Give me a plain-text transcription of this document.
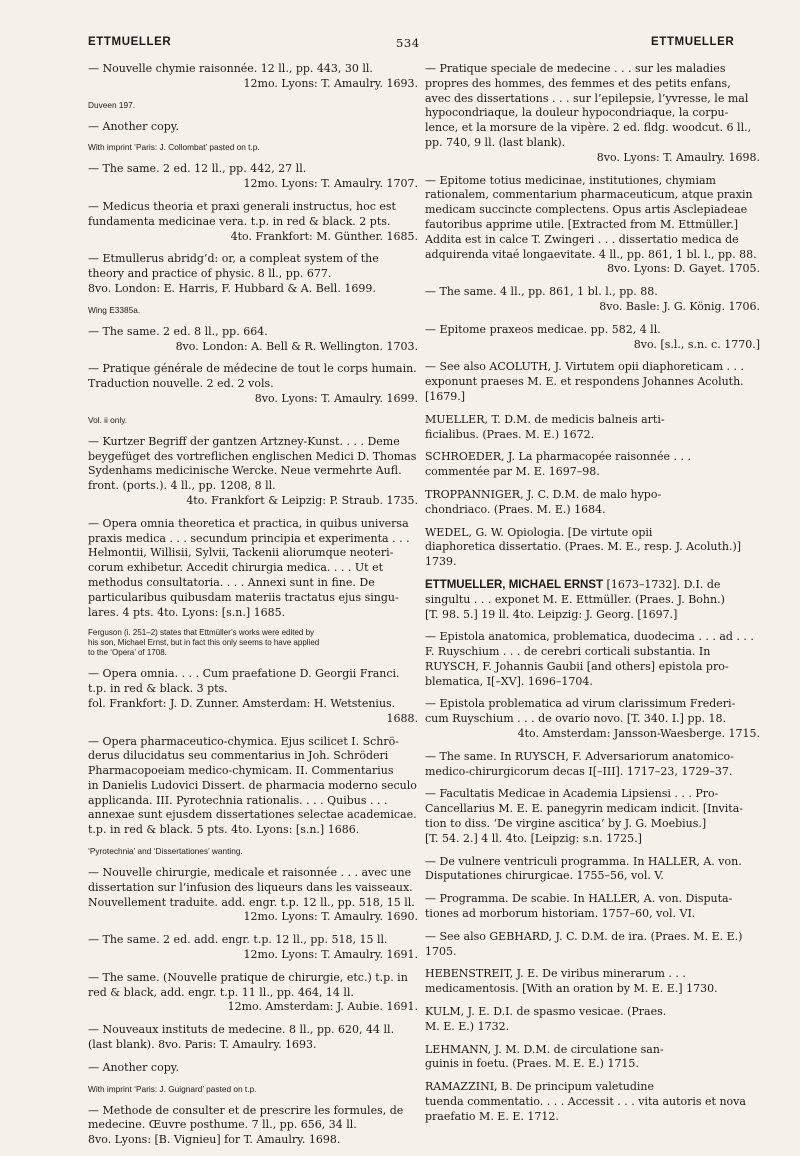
ETTMUELLER	534	ETTMUELLER
— Nouvelle chymie raisonnée. 12 ll., pp. 443, 30 ll.
12mo. Lyons: T. Amaulry. 1693.
Duveen 197.
— Another copy.
With imprint ‘Paris: J. Collombat’ pasted on t.p.
— The same. 2 ed. 12 ll., pp. 442, 27 ll.
12mo. Lyons: T. Amaulry. 1707.
— Medicus theoria et praxi generali instructus, hoc est
fundamenta medicinae vera. t.p. in red & black. 2 pts.
4to. Frankfort: M. Günther. 1685.
— Etmullerus abridg’d: or, a compleat system of the
theory and practice of physic. 8 ll., pp. 677.
8vo. London: E. Harris, F. Hubbard & A. Bell. 1699.
Wing E3385a.
— The same. 2 ed. 8 ll., pp. 664.
8vo. London: A. Bell & R. Wellington. 1703.
— Pratique générale de médecine de tout le corps humain.
Traduction nouvelle. 2 ed. 2 vols.
8vo. Lyons: T. Amaulry. 1699.
Vol. ii only.
— Kurtzer Begriff der gantzen Artzney-Kunst. . . . Deme
beygefüget des vortreflichen englischen Medici D. Thomas
Sydenhams medicinische Wercke. Neue vermehrte Aufl.
front. (ports.). 4 ll., pp. 1208, 8 ll.
4to. Frankfort & Leipzig: P. Straub. 1735.
— Opera omnia theoretica et practica, in quibus universa
praxis medica . . . secundum principia et experimenta . . .
Helmontii, Willisii, Sylvii, Tackenii aliorumque neoteri-
corum exhibetur. Accedit chirurgia medica. . . . Ut et
methodus consultatoria. . . . Annexi sunt in fine. De
particularibus quibusdam materiis tractatus ejus singu-
lares. 4 pts. 4to. Lyons: [s.n.] 1685.
Ferguson (i. 251–2) states that Ettmüller’s works were edited by
his son, Michael Ernst, but in fact this only seems to have applied
to the ‘Opera’ of 1708.
— Opera omnia. . . . Cum praefatione D. Georgii Franci.
t.p. in red & black. 3 pts.
fol. Frankfort: J. D. Zunner. Amsterdam: H. Wetstenius.
1688.
— Opera pharmaceutico-chymica. Ejus scilicet I. Schrö-
derus dilucidatus seu commentarius in Joh. Schröderi
Pharmacopoeiam medico-chymicam. II. Commentarius
in Danielis Ludovici Dissert. de pharmacia moderno seculo
applicanda. III. Pyrotechnia rationalis. . . . Quibus . . .
annexae sunt ejusdem dissertationes selectae academicae.
t.p. in red & black. 5 pts. 4to. Lyons: [s.n.] 1686.
‘Pyrotechnia’ and ‘Dissertationes’ wanting.
— Nouvelle chirurgie, medicale et raisonnée . . . avec une
dissertation sur l’infusion des liqueurs dans les vaisseaux.
Nouvellement traduite. add. engr. t.p. 12 ll., pp. 518, 15 ll.
12mo. Lyons: T. Amaulry. 1690.
— The same. 2 ed. add. engr. t.p. 12 ll., pp. 518, 15 ll.
12mo. Lyons: T. Amaulry. 1691.
— The same. (Nouvelle pratique de chirurgie, etc.) t.p. in
red & black, add. engr. t.p. 11 ll., pp. 464, 14 ll.
12mo. Amsterdam: J. Aubie. 1691.
— Nouveaux instituts de medecine. 8 ll., pp. 620, 44 ll.
(last blank). 8vo. Paris: T. Amaulry. 1693.
— Another copy.
With imprint ‘Paris: J. Guignard’ pasted on t.p.
— Methode de consulter et de prescrire les formules, de
medecine. Œuvre posthume. 7 ll., pp. 656, 34 ll.
8vo. Lyons: [B. Vignieu] for T. Amaulry. 1698.
— Pratique speciale de medecine . . . sur les maladies
propres des hommes, des femmes et des petits enfans,
avec des dissertations . . . sur l’epilepsie, l’yvresse, le mal
hypocondriaque, la douleur hypocondriaque, la corpu-
lence, et la morsure de la vipère. 2 ed. fldg. woodcut. 6 ll.,
pp. 740, 9 ll. (last blank).
8vo. Lyons: T. Amaulry. 1698.
— Epitome totius medicinae, institutiones, chymiam
rationalem, commentarium pharmaceuticum, atque praxin
medicam succincte complectens. Opus artis Asclepiadeae
fautoribus apprime utile. [Extracted from M. Ettmüller.]
Addita est in calce T. Zwingeri . . . dissertatio medica de
adquirenda vitaé longaevitate. 4 ll., pp. 861, 1 bl. l., pp. 88.
8vo. Lyons: D. Gayet. 1705.
— The same. 4 ll., pp. 861, 1 bl. l., pp. 88.
8vo. Basle: J. G. König. 1706.
— Epitome praxeos medicae. pp. 582, 4 ll.
8vo. [s.l., s.n. c. 1770.]
— See also ACOLUTH, J. Virtutem opii diaphoreticam . . .
exponunt praeses M. E. et respondens Johannes Acoluth.
[1679.]
MUELLER, T. D.M. de medicis balneis arti-
ficialibus. (Praes. M. E.) 1672.
SCHROEDER, J. La pharmacopée raisonnée . . .
commentée par M. E. 1697–98.
TROPPANNIGER, J. C. D.M. de malo hypo-
chondriaco. (Praes. M. E.) 1684.
WEDEL, G. W. Opiologia. [De virtute opii
diaphoretica dissertatio. (Praes. M. E., resp. J. Acoluth.)]
1739.
ETTMUELLER, MICHAEL ERNST [1673–1732]. D.I. de

singultu . . . exponet M. E. Ettmüller. (Praes. J. Bohn.)
[T. 98. 5.] 19 ll. 4to. Leipzig: J. Georg. [1697.]
— Epistola anatomica, problematica, duodecima . . . ad . . .
F. Ruyschium . . . de cerebri corticali substantia. In
RUYSCH, F. Johannis Gaubii [and others] epistola pro-
blematica, I[–XV]. 1696–1704.
— Epistola problematica ad virum clarissimum Frederi-
cum Ruyschium . . . de ovario novo. [T. 340. I.] pp. 18.
4to. Amsterdam: Jansson-Waesberge. 1715.
— The same. In RUYSCH, F. Adversariorum anatomico-
medico-chirurgicorum decas I[–III]. 1717–23, 1729–37.
— Facultatis Medicae in Academia Lipsiensi . . . Pro-
Cancellarius M. E. E. panegyrin medicam indicit. [Invita-
tion to diss. ‘De virgine ascitica’ by J. G. Moebius.]
[T. 54. 2.] 4 ll. 4to. [Leipzig: s.n. 1725.]
— De vulnere ventriculi programma. In HALLER, A. von.
Disputationes chirurgicae. 1755–56, vol. V.
— Programma. De scabie. In HALLER, A. von. Disputa-
tiones ad morborum historiam. 1757–60, vol. VI.
— See also GEBHARD, J. C. D.M. de ira. (Praes. M. E. E.)
1705.
HEBENSTREIT, J. E. De viribus minerarum . . .
medicamentosis. [With an oration by M. E. E.] 1730.
KULM, J. E. D.I. de spasmo vesicae. (Praes.
M. E. E.) 1732.
LEHMANN, J. M. D.M. de circulatione san-
guinis in foetu. (Praes. M. E. E.) 1715.
RAMAZZINI, B. De principum valetudine
tuenda commentatio. . . . Accessit . . . vita autoris et nova
praefatio M. E. E. 1712.
